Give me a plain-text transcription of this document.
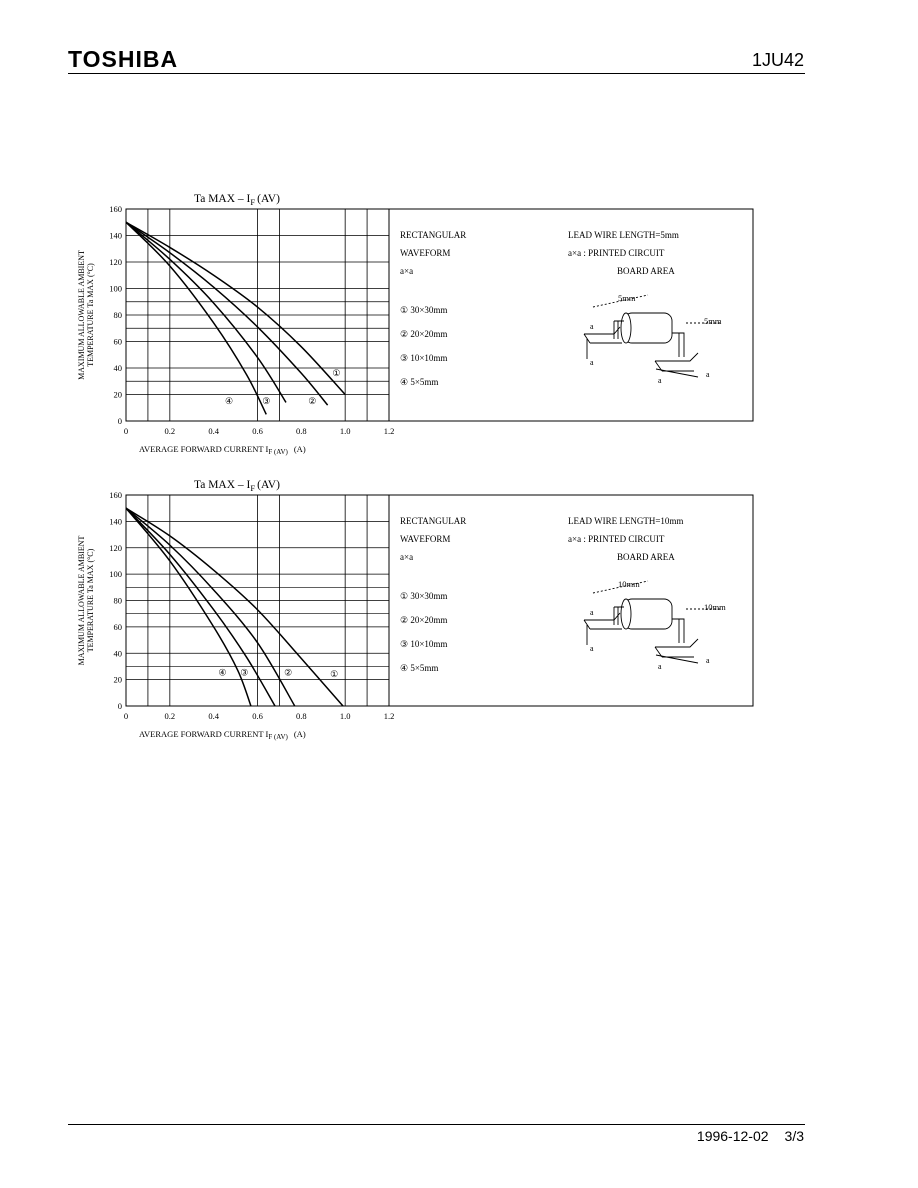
TOSHIBA	1JU42
0
20
40
60
80
100
120
140
160
0	0.2	0.4	0.6	0.8	1.0	1.2
Ta MAX – $I_F$ (AV)
AVERAGE FORWARD CURRENT $I_{F (AV)}$ (A)
MAXIMUM ALLOWABLE AMBIENT TEMPERATURE Ta MAX (°C)
①
②
③
④
RECTANGULAR
WAVEFORM
a×a
① 30×30mm
② 20×20mm
③ 10×10mm
④ 5×5mm
LEAD WIRE LENGTH=5mm
a×a : PRINTED CIRCUIT
BOARD AREA
5mm
5mm
a
a
a
a
0
20
40
60
80
100
120
140
160
0	0.2	0.4	0.6	0.8	1.0	1.2
Ta MAX – $I_F$ (AV)
AVERAGE FORWARD CURRENT $I_{F (AV)}$ (A)
MAXIMUM ALLOWABLE AMBIENT TEMPERATURE Ta MAX (°C)
①
②
③
④
RECTANGULAR
WAVEFORM
a×a
① 30×30mm
② 20×20mm
③ 10×10mm
④ 5×5mm
LEAD WIRE LENGTH=10mm
a×a : PRINTED CIRCUIT
BOARD AREA
10mm
10mm
a
a
a
a
1996-12-02 3/3
